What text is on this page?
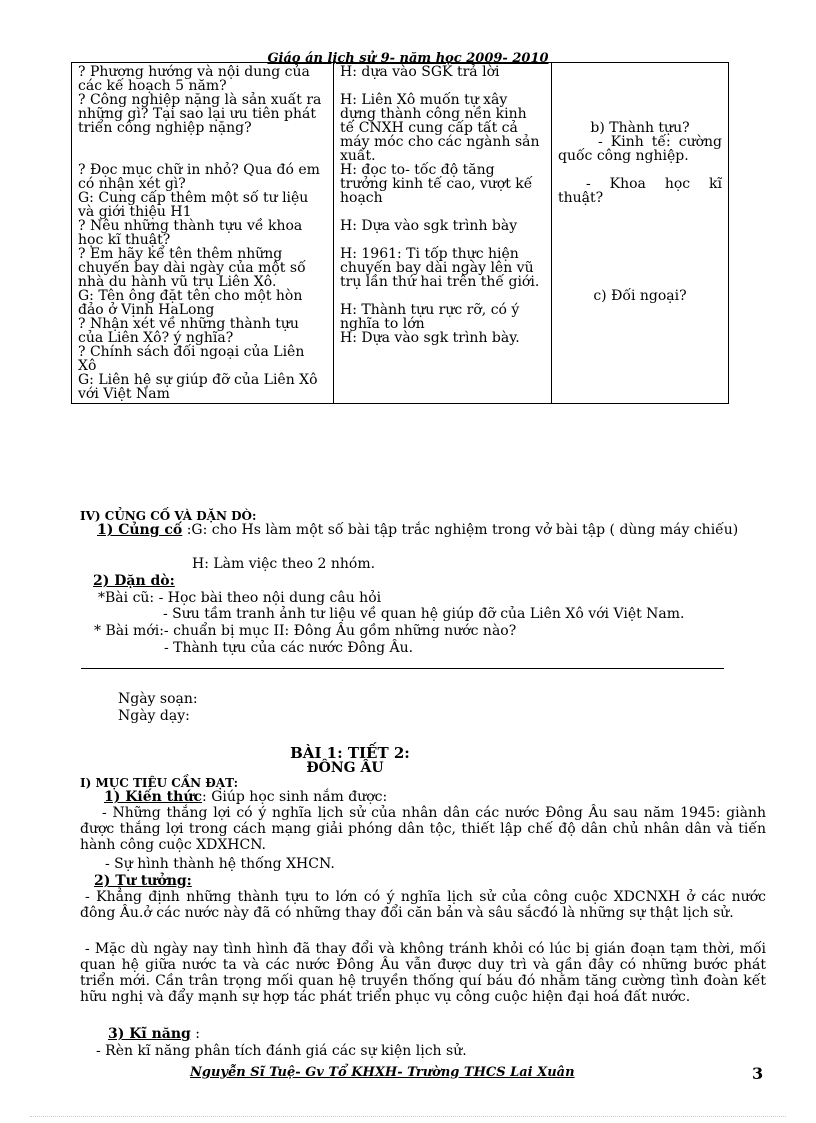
Giáo án lịch sử 9- năm học 2009- 2010
? Phương hướng và nội dung của các kế hoạch 5 năm?
? Công nghiệp nặng là sản xuất ra những gì? Tại sao lại ưu tiên phát triển công nghiệp nặng?
? Đọc mục chữ in nhỏ? Qua đó em có nhận xét gì?
G: Cung cấp thêm một số tư liệu và giới thiệu H1
? Nêu những thành tựu về khoa học kĩ thuật?
? Em hãy kể tên thêm những chuyến bay dài ngày của một số nhà du hành vũ trụ Liên Xô.
G: Tên ông đặt tên cho một hòn đảo ở Vịnh HaLong
? Nhận xét về những thành tựu của Liên Xô? ý nghĩa?
? Chính sách đối ngoại của Liên Xô
G: Liên hệ sự giúp đỡ của Liên Xô với Việt Nam

H: dựa vào SGK trả lời
H: Liên Xô muốn tự xây dựng thành công nền kinh tế CNXH cung cấp tất cả máy móc cho các ngành sản xuất.
H: đọc to- tốc độ tăng trưởng kinh tế cao, vượt kế hoạch
H: Dựa vào sgk trình bày
H: 1961: Ti tốp thực hiện chuyến bay dài ngày lên vũ trụ lần thứ hai trên thế giới.
H: Thành tựu rực rỡ, có ý nghĩa to lớn
H: Dựa vào sgk trình bày.

b) Thành tựu?
- Kinh tế: cường quốc công nghiệp.
- Khoa học kĩ thuật?
c) Đối ngoại?
IV) CỦNG CỐ VÀ DẶN DÒ:
1) Củng cố :G: cho Hs làm một số bài tập trắc nghiệm trong vở bài tập ( dùng máy chiếu)
H: Làm việc theo 2 nhóm.
2) Dặn dò:
*Bài cũ: - Học bài theo nội dung câu hỏi
- Sưu tầm tranh ảnh tư liệu về quan hệ giúp đỡ của Liên Xô với Việt Nam.
* Bài mới:- chuẩn bị mục II: Đông Âu gồm những nước nào?
- Thành tựu của các nước Đông Âu.
Ngày soạn:
Ngày dạy:
BÀI 1: TIẾT 2:
ĐÔNG ÂU
I) MỤC TIÊU CẦN ĐẠT:
1) Kiến thức: Giúp học sinh nắm được:
- Những thắng lợi có ý nghĩa lịch sử của nhân dân các nước Đông Âu sau năm 1945: giành được thắng lợi trong cách mạng giải phóng dân tộc, thiết lập chế độ dân chủ nhân dân và tiến hành công cuộc XDXHCN.
- Sự hình thành hệ thống XHCN.
2) Tư tưởng:
- Khẳng định những thành tựu to lớn có ý nghĩa lịch sử của công cuộc XDCNXH ở các nước đông Âu.ở các nước này đã có những thay đổi căn bản và sâu sắcđó là những sự thật lịch sử.
- Mặc dù ngày nay tình hình đã thay đổi và không tránh khỏi có lúc bị gián đoạn tạm thời, mối quan hệ giữa nước ta và các nước Đông Âu vẫn được duy trì và gần đây có những bước phát triển mới. Cần trân trọng mối quan hệ truyền thống quí báu đó nhằm tăng cường tình đoàn kết hữu nghị và đẩy mạnh sự hợp tác phát triển phục vụ công cuộc hiện đại hoá đất nước.
3) Kĩ năng :
- Rèn kĩ năng phân tích đánh giá các sự kiện lịch sử.
Nguyễn Sĩ Tuệ- Gv Tổ KHXH- Trường THCS Lai Xuân	3
